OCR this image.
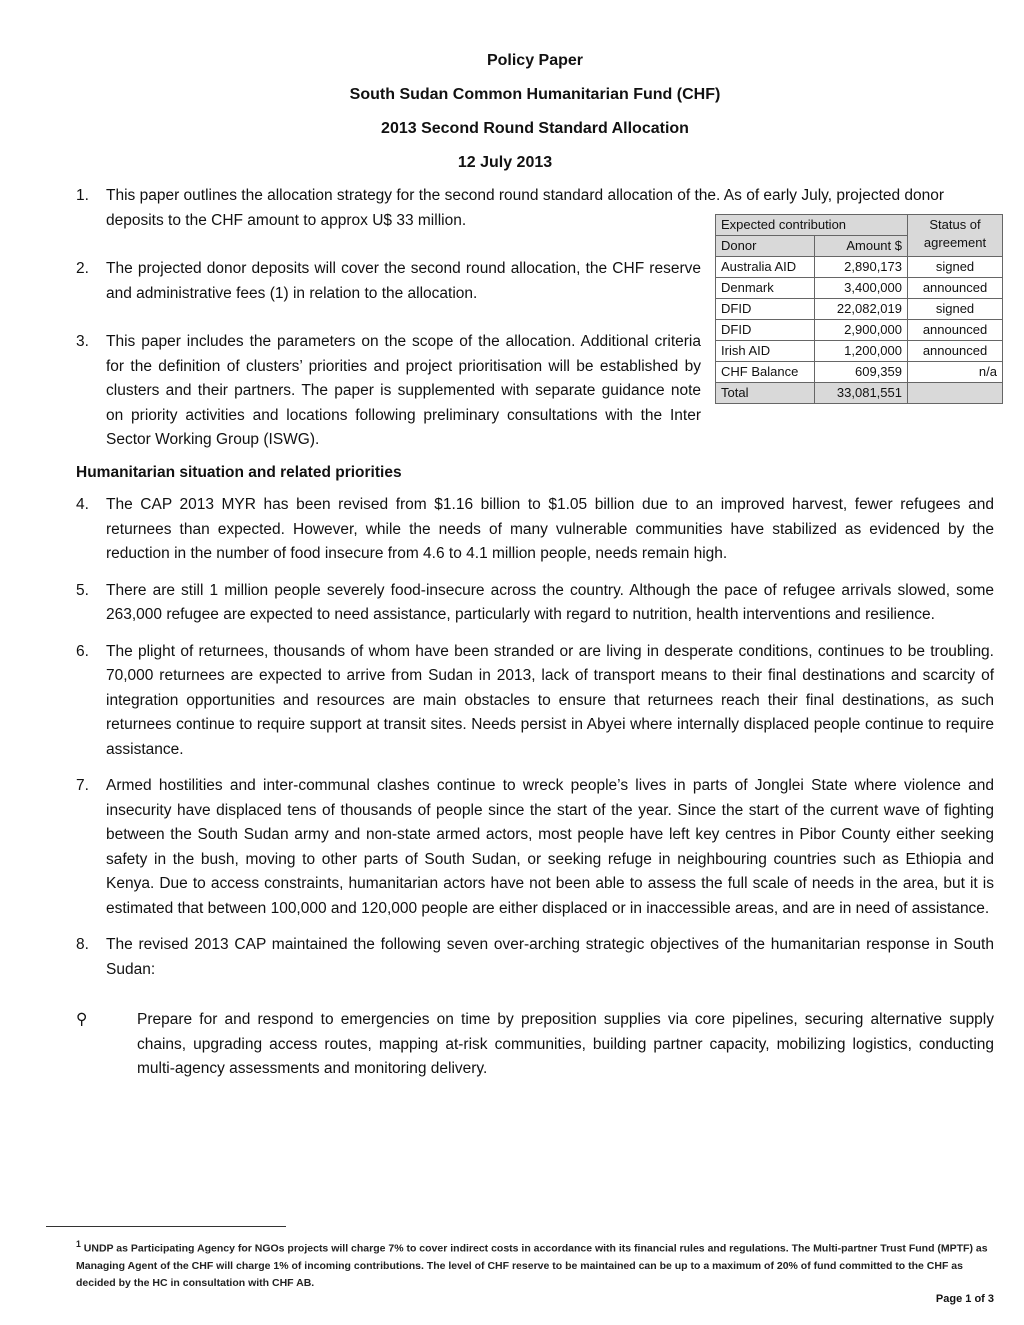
Policy Paper
South Sudan Common Humanitarian Fund (CHF)
2013 Second Round Standard Allocation
12 July 2013
1. This paper outlines the allocation strategy for the second round standard allocation of the. As of early July, projected donor deposits to the CHF amount to approx U$ 33 million.

2. The projected donor deposits will cover the second round allocation, the CHF reserve and administrative fees (1) in relation to the allocation.

3. This paper includes the parameters on the scope of the allocation. Additional criteria for the definition of clusters’ priorities and project prioritisation will be established by clusters and their partners. The paper is supplemented with separate guidance note on priority activities and locations following preliminary consultations with the Inter Sector Working Group (ISWG).

Humanitarian situation and related priorities
4. The CAP 2013 MYR has been revised from $1.16 billion to $1.05 billion due to an improved harvest, fewer refugees and returnees than expected. However, while the needs of many vulnerable communities have stabilized as evidenced by the reduction in the number of food insecure from 4.6 to 4.1 million people, needs remain high.

5. There are still 1 million people severely food-insecure across the country. Although the pace of refugee arrivals slowed, some 263,000 refugee are expected to need assistance, particularly with regard to nutrition, health interventions and resilience.

6. The plight of returnees, thousands of whom have been stranded or are living in desperate conditions, continues to be troubling. 70,000 returnees are expected to arrive from Sudan in 2013, lack of transport means to their final destinations and scarcity of integration opportunities and resources are main obstacles to ensure that returnees reach their final destinations, as such returnees continue to require support at transit sites. Needs persist in Abyei where internally displaced people continue to require assistance.

7. Armed hostilities and inter-communal clashes continue to wreck people’s lives in parts of Jonglei State where violence and insecurity have displaced tens of thousands of people since the start of the year. Since the start of the current wave of fighting between the South Sudan army and non-state armed actors, most people have left key centres in Pibor County either seeking safety in the bush, moving to other parts of South Sudan, or seeking refuge in neighbouring countries such as Ethiopia and Kenya. Due to access constraints, humanitarian actors have not been able to assess the full scale of needs in the area, but it is estimated that between 100,000 and 120,000 people are either displaced or in inaccessible areas, and are in need of assistance.

8. The revised 2013 CAP maintained the following seven over-arching strategic objectives of the humanitarian response in South Sudan:

⚲	Prepare for and respond to emergencies on time by preposition supplies via core pipelines, securing alternative supply chains, upgrading access routes, mapping at-risk communities, building partner capacity, mobilizing logistics, conducting multi-agency assessments and monitoring delivery.

Expected contribution		Status of agreement
Donor	Amount $	
Australia AID	2,890,173	signed
Denmark	3,400,000	announced
DFID	22,082,019	signed
DFID	2,900,000	announced
Irish AID	1,200,000	announced
CHF Balance	609,359	n/a
Total	33,081,551	
$^1$ UNDP as Participating Agency for NGOs projects will charge 7% to cover indirect costs in accordance with its financial rules and regulations. The Multi-partner Trust Fund (MPTF) as Managing Agent of the CHF will charge 1% of incoming contributions. The level of CHF reserve to be maintained can be up to a maximum of 20% of fund committed to the CHF as decided by the HC in consultation with CHF AB.
Page 1 of 3
